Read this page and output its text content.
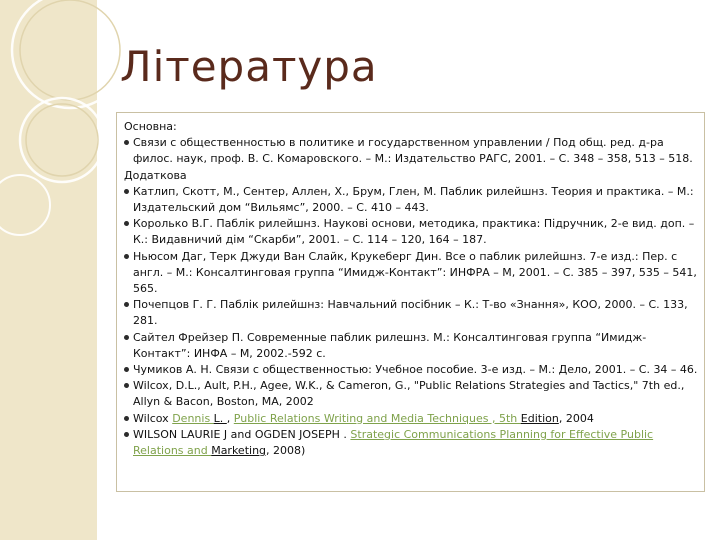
Література
Основна:
Связи с общественностью в политике и государственном управлении / Под общ. ред. д-ра филос. наук, проф. В. С. Комаровского. – М.: Издательство РАГС, 2001. – С. 348 – 358, 513 – 518.
Додаткова
Катлип, Скотт, М., Сентер, Аллен, Х., Брум, Глен, М. Паблик рилейшнз. Теория и практика. – М.: Издательский дом “Вильямс”, 2000. – С. 410 – 443.
Королько В.Г. Паблік рилейшнз. Наукові основи, методика, практика: Підручник, 2-е вид. доп. – К.: Видавничий дім “Скарби”, 2001. – С. 114 – 120, 164 – 187.
Ньюсом Даг, Терк Джуди Ван Слайк, Крукеберг Дин. Все о паблик рилейшнз. 7-е изд.: Пер. с англ. – М.: Консалтинговая группа “Имидж-Контакт”: ИНФРА – М, 2001. – С. 385 – 397, 535 – 541, 565.
Почепцов Г. Г. Паблік рилейшнз: Навчальний посібник – К.: Т-во «Знання», КОО, 2000. – С. 133, 281.
Сайтел Фрейзер П. Современные паблик рилешнз. М.: Консалтинговая группа “Имидж-Контакт”: ИНФА – М, 2002.-592 с.
Чумиков А. Н. Связи с общественностью: Учебное пособие. 3-е изд. – М.: Дело, 2001. – С. 34 – 46.
Wilcox, D.L., Ault, P.H., Agee, W.K., & Cameron, G., "Public Relations Strategies and Tactics," 7th ed., Allyn & Bacon, Boston, MA, 2002
Wilcox Dennis L. , Public Relations Writing and Media Techniques , 5th Edition, 2004
WILSON LAURIE J and OGDEN JOSEPH . Strategic Communications Planning for Effective Public Relations and Marketing, 2008)
